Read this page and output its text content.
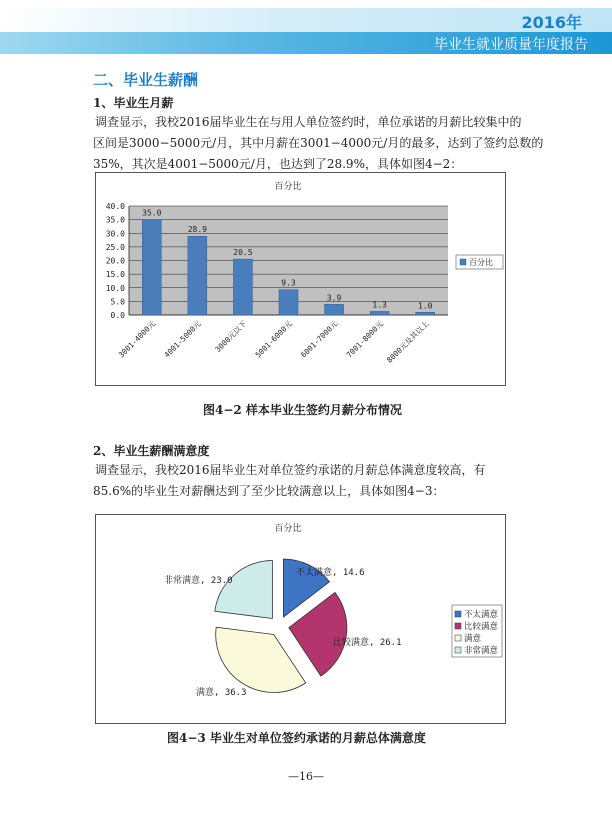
2016年
毕业生就业质量年度报告
二、毕业生薪酬
1、毕业生月薪
调查显示，我校2016届毕业生在与用人单位签约时，单位承诺的月薪比较集中的
区间是3000−5000元/月，其中月薪在3001−4000元/月的最多，达到了签约总数的
35%，其次是4001−5000元/月，也达到了28.9%，具体如图4−2：
百分比
40.0
35.0
30.0
25.0
20.0
15.0
10.0
5.0
0.0
35.0
3001-4000元
28.9
4001-5000元
20.5
3000元以下
9.3
5001-6000元
3.9
6001-7000元
1.3
7001-8000元
1.0
8000元及其以上
百分比
图4−2 样本毕业生签约月薪分布情况
2、毕业生薪酬满意度
调查显示，我校2016届毕业生对单位签约承诺的月薪总体满意度较高，有
85.6%的毕业生对薪酬达到了至少比较满意以上，具体如图4−3：
百分比
不太满意, 14.6
比较满意, 26.1
满意, 36.3
非常满意, 23.0
不太满意
比较满意
满意
非常满意
图4−3 毕业生对单位签约承诺的月薪总体满意度
—16—
